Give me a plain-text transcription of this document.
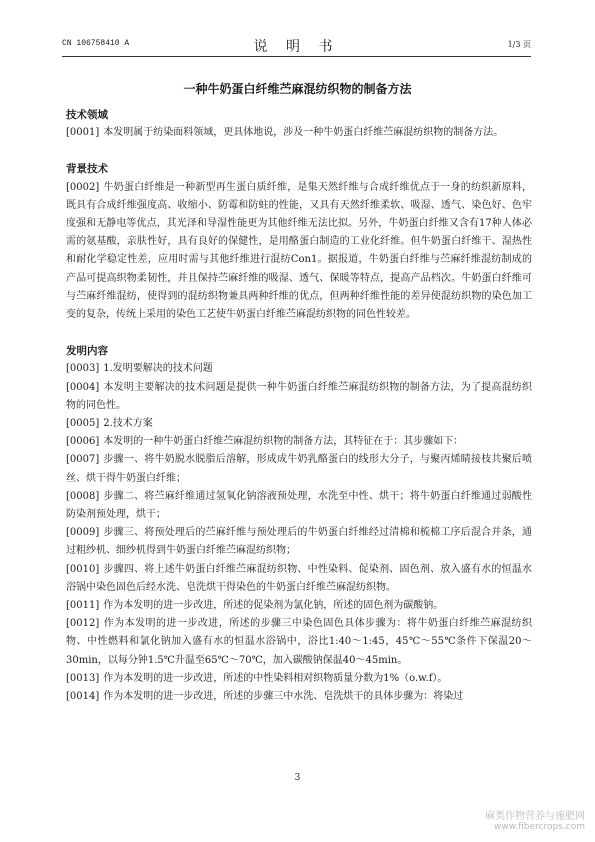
CN 106758410 A	说 明 书	1/3 页
一种牛奶蛋白纤维苎麻混纺织物的制备方法
技术领域
[0001] 本发明属于纺染面料领域，更具体地说，涉及一种牛奶蛋白纤维苎麻混纺织物的制备方法。
背景技术
[0002] 牛奶蛋白纤维是一种新型再生蛋白质纤维，是集天然纤维与合成纤维优点于一身的纺织新原料，既具有合成纤维强度高、收缩小、防霉和防蛀的性能，又具有天然纤维柔软、吸湿、透气、染色好、色牢度强和无静电等优点，其光泽和导湿性能更为其他纤维无法比拟。另外，牛奶蛋白纤维又含有17种人体必需的氨基酸，亲肤性好，具有良好的保健性，是用酪蛋白制造的工业化纤维。但牛奶蛋白纤维干、湿热性和耐化学稳定性差，应用时需与其他纤维进行混纺Con1。据报道，牛奶蛋白纤维与苎麻纤维混纺制成的产品可提高织物柔韧性，并且保持苎麻纤维的吸湿、透气、保暖等特点，提高产品档次。牛奶蛋白纤维可与苎麻纤维混纺，使得到的混纺织物兼具两种纤维的优点，但两种纤维性能的差异使混纺织物的染色加工变的复杂，传统上采用的染色工艺使牛奶蛋白纤维苎麻混纺织物的同色性较差。
发明内容
[0003] 1.发明要解决的技术问题
[0004] 本发明主要解决的技术问题是提供一种牛奶蛋白纤维苎麻混纺织物的制备方法，为了提高混纺织物的同色性。
[0005] 2.技术方案
[0006] 本发明的一种牛奶蛋白纤维苎麻混纺织物的制备方法，其特征在于：其步骤如下：
[0007] 步骤一、将牛奶脱水脱脂后溶解，形成成牛奶乳酪蛋白的线形大分子，与聚丙烯睛接枝共聚后喷丝、烘干得牛奶蛋白纤维；
[0008] 步骤二、将苎麻纤维通过氢氧化钠溶液预处理，水洗至中性、烘干；将牛奶蛋白纤维通过弱酸性防染剂预处理，烘干；
[0009] 步骤三、将预处理后的苎麻纤维与预处理后的牛奶蛋白纤维经过清棉和梳棉工序后混合并条，通过粗纱机、细纱机得到牛奶蛋白纤维苎麻混纺织物；
[0010] 步骤四、将上述牛奶蛋白纤维苎麻混纺织物、中性染料、促染剂、固色剂、放入盛有水的恒温水浴锅中染色固色后经水洗、皂洗烘干得染色的牛奶蛋白纤维苎麻混纺织物。
[0011] 作为本发明的进一步改进，所述的促染剂为氯化钠，所述的固色剂为碳酸钠。
[0012] 作为本发明的进一步改进，所述的步骤三中染色固色具体步骤为：将牛奶蛋白纤维苎麻混纺织物、中性燃料和氯化钠加入盛有水的恒温水浴锅中，浴比1:40～1:45，45℃～55℃条件下保温20～30min，以每分钟1.5℃升温至65℃～70℃，加入碳酸钠保温40～45min。
[0013] 作为本发明的进一步改进，所述的中性染料相对织物质量分数为1%（o.w.f）。
[0014] 作为本发明的进一步改进，所述的步骤三中水洗、皂洗烘干的具体步骤为：将染过
3
麻类作物营养与施肥网
www.fibercrops.com
